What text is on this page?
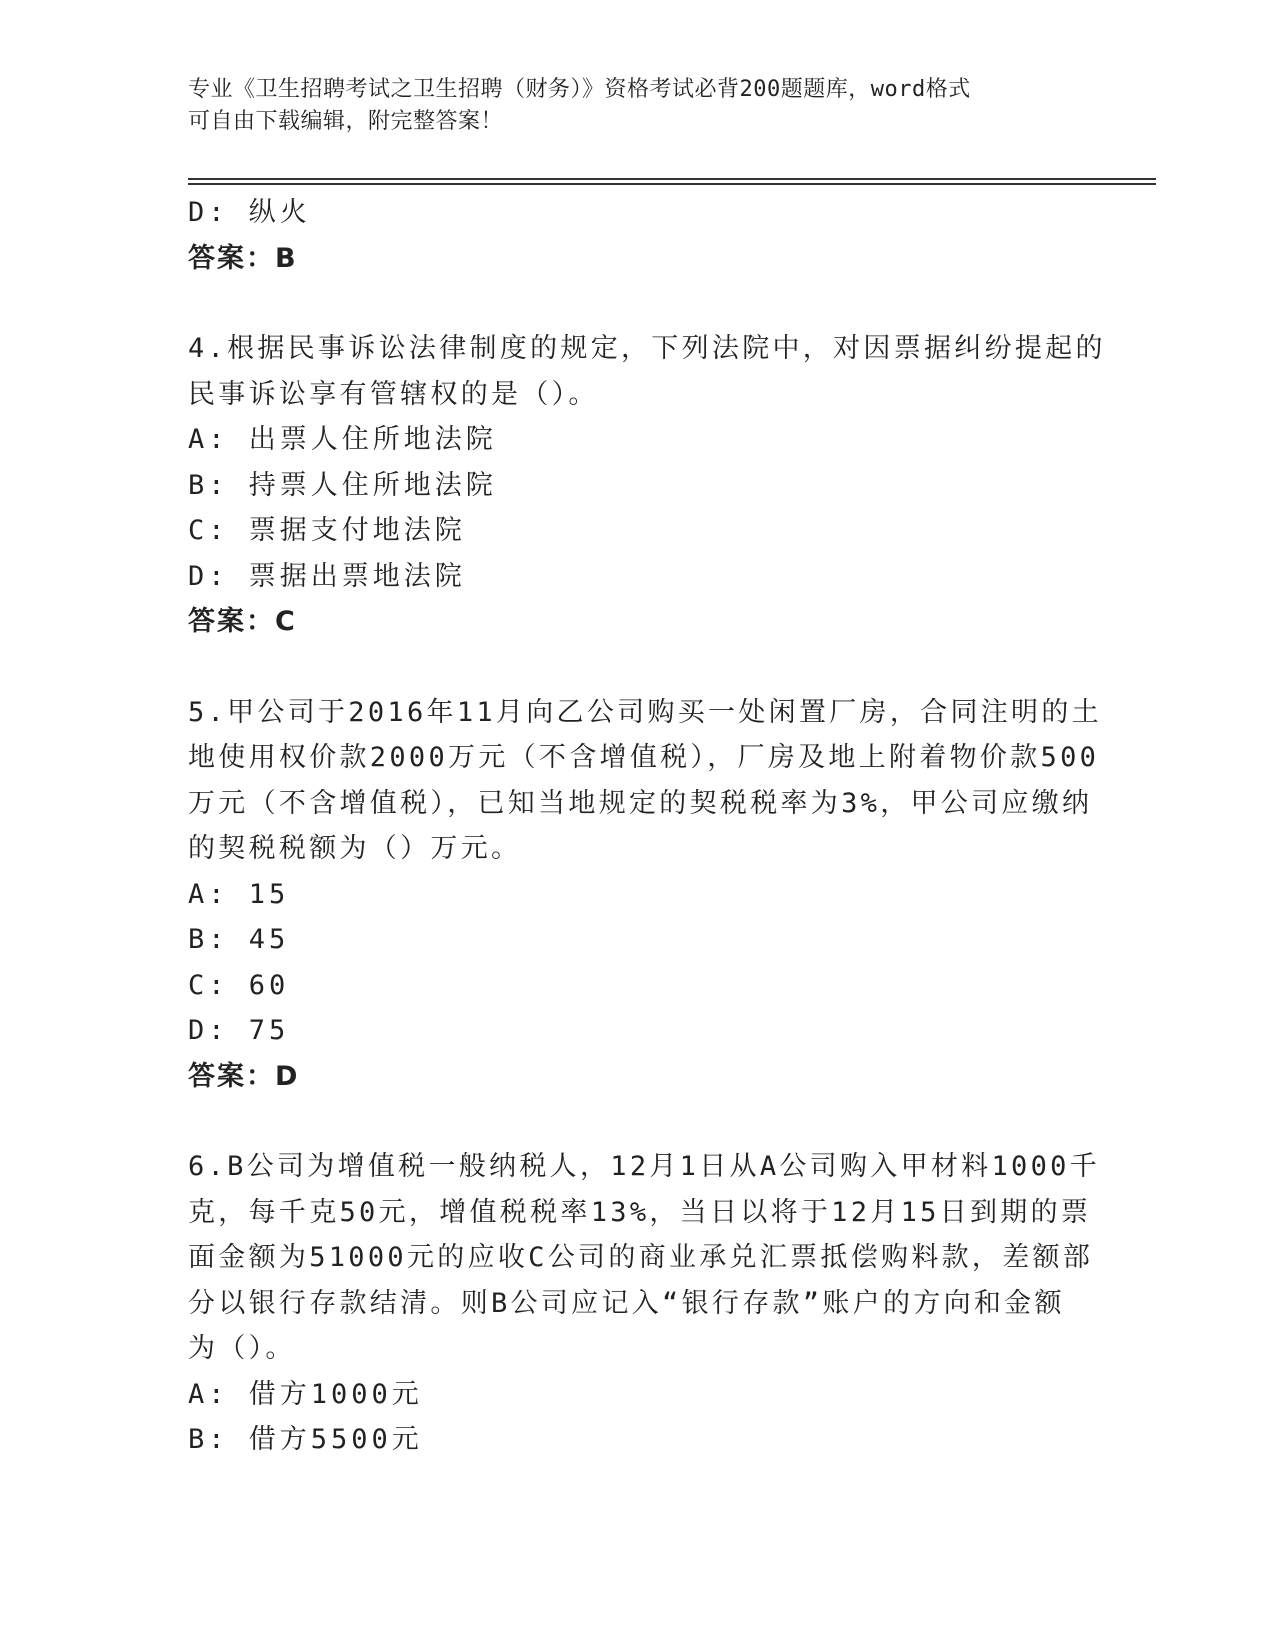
专业《卫生招聘考试之卫生招聘（财务）》资格考试必背200题题库，word格式
可自由下载编辑，附完整答案！
D: 纵火
答案：B
4.根据民事诉讼法律制度的规定，下列法院中，对因票据纠纷提起的
民事诉讼享有管辖权的是（）。
A: 出票人住所地法院
B: 持票人住所地法院
C: 票据支付地法院
D: 票据出票地法院
答案：C
5.甲公司于2016年11月向乙公司购买一处闲置厂房，合同注明的土
地使用权价款2000万元（不含增值税），厂房及地上附着物价款500
万元（不含增值税），已知当地规定的契税税率为3%，甲公司应缴纳
的契税税额为（）万元。
A: 15
B: 45
C: 60
D: 75
答案：D
6.B公司为增值税一般纳税人，12月1日从A公司购入甲材料1000千
克，每千克50元，增值税税率13%，当日以将于12月15日到期的票
面金额为51000元的应收C公司的商业承兑汇票抵偿购料款，差额部
分以银行存款结清。则B公司应记入“银行存款”账户的方向和金额
为（）。
A: 借方1000元
B: 借方5500元
